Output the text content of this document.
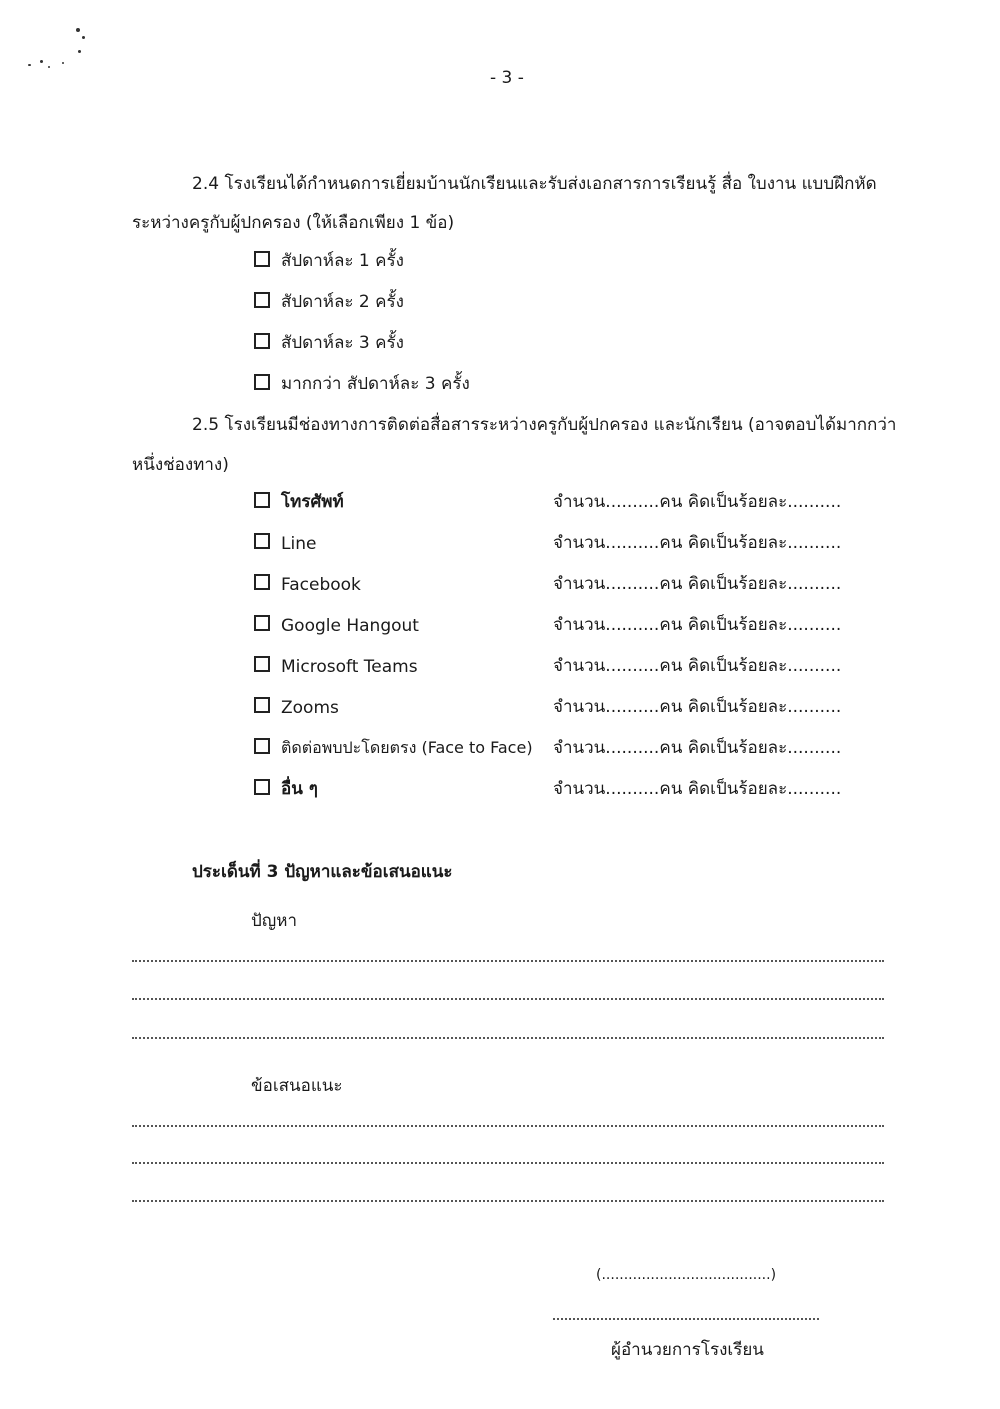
- 3 -
2.4 โรงเรียนได้กำหนดการเยี่ยมบ้านนักเรียนและรับส่งเอกสารการเรียนรู้ สื่อ ใบงาน แบบฝึกหัด
ระหว่างครูกับผู้ปกครอง (ให้เลือกเพียง 1 ข้อ)
สัปดาห์ละ 1 ครั้ง
สัปดาห์ละ 2 ครั้ง
สัปดาห์ละ 3 ครั้ง
มากกว่า สัปดาห์ละ 3 ครั้ง
2.5 โรงเรียนมีช่องทางการติดต่อสื่อสารระหว่างครูกับผู้ปกครอง และนักเรียน (อาจตอบได้มากกว่า
หนึ่งช่องทาง)
โทรศัพท์	จำนวน..........คน คิดเป็นร้อยละ..........
Line	จำนวน..........คน คิดเป็นร้อยละ..........
Facebook	จำนวน..........คน คิดเป็นร้อยละ..........
Google Hangout	จำนวน..........คน คิดเป็นร้อยละ..........
Microsoft Teams	จำนวน..........คน คิดเป็นร้อยละ..........
Zooms	จำนวน..........คน คิดเป็นร้อยละ..........
ติดต่อพบปะโดยตรง (Face to Face) จำนวน..........คน คิดเป็นร้อยละ..........
อื่น ๆ	จำนวน..........คน คิดเป็นร้อยละ..........
ประเด็นที่ 3 ปัญหาและข้อเสนอแนะ
ปัญหา
ข้อเสนอแนะ
(......................................)
ผู้อำนวยการโรงเรียน
